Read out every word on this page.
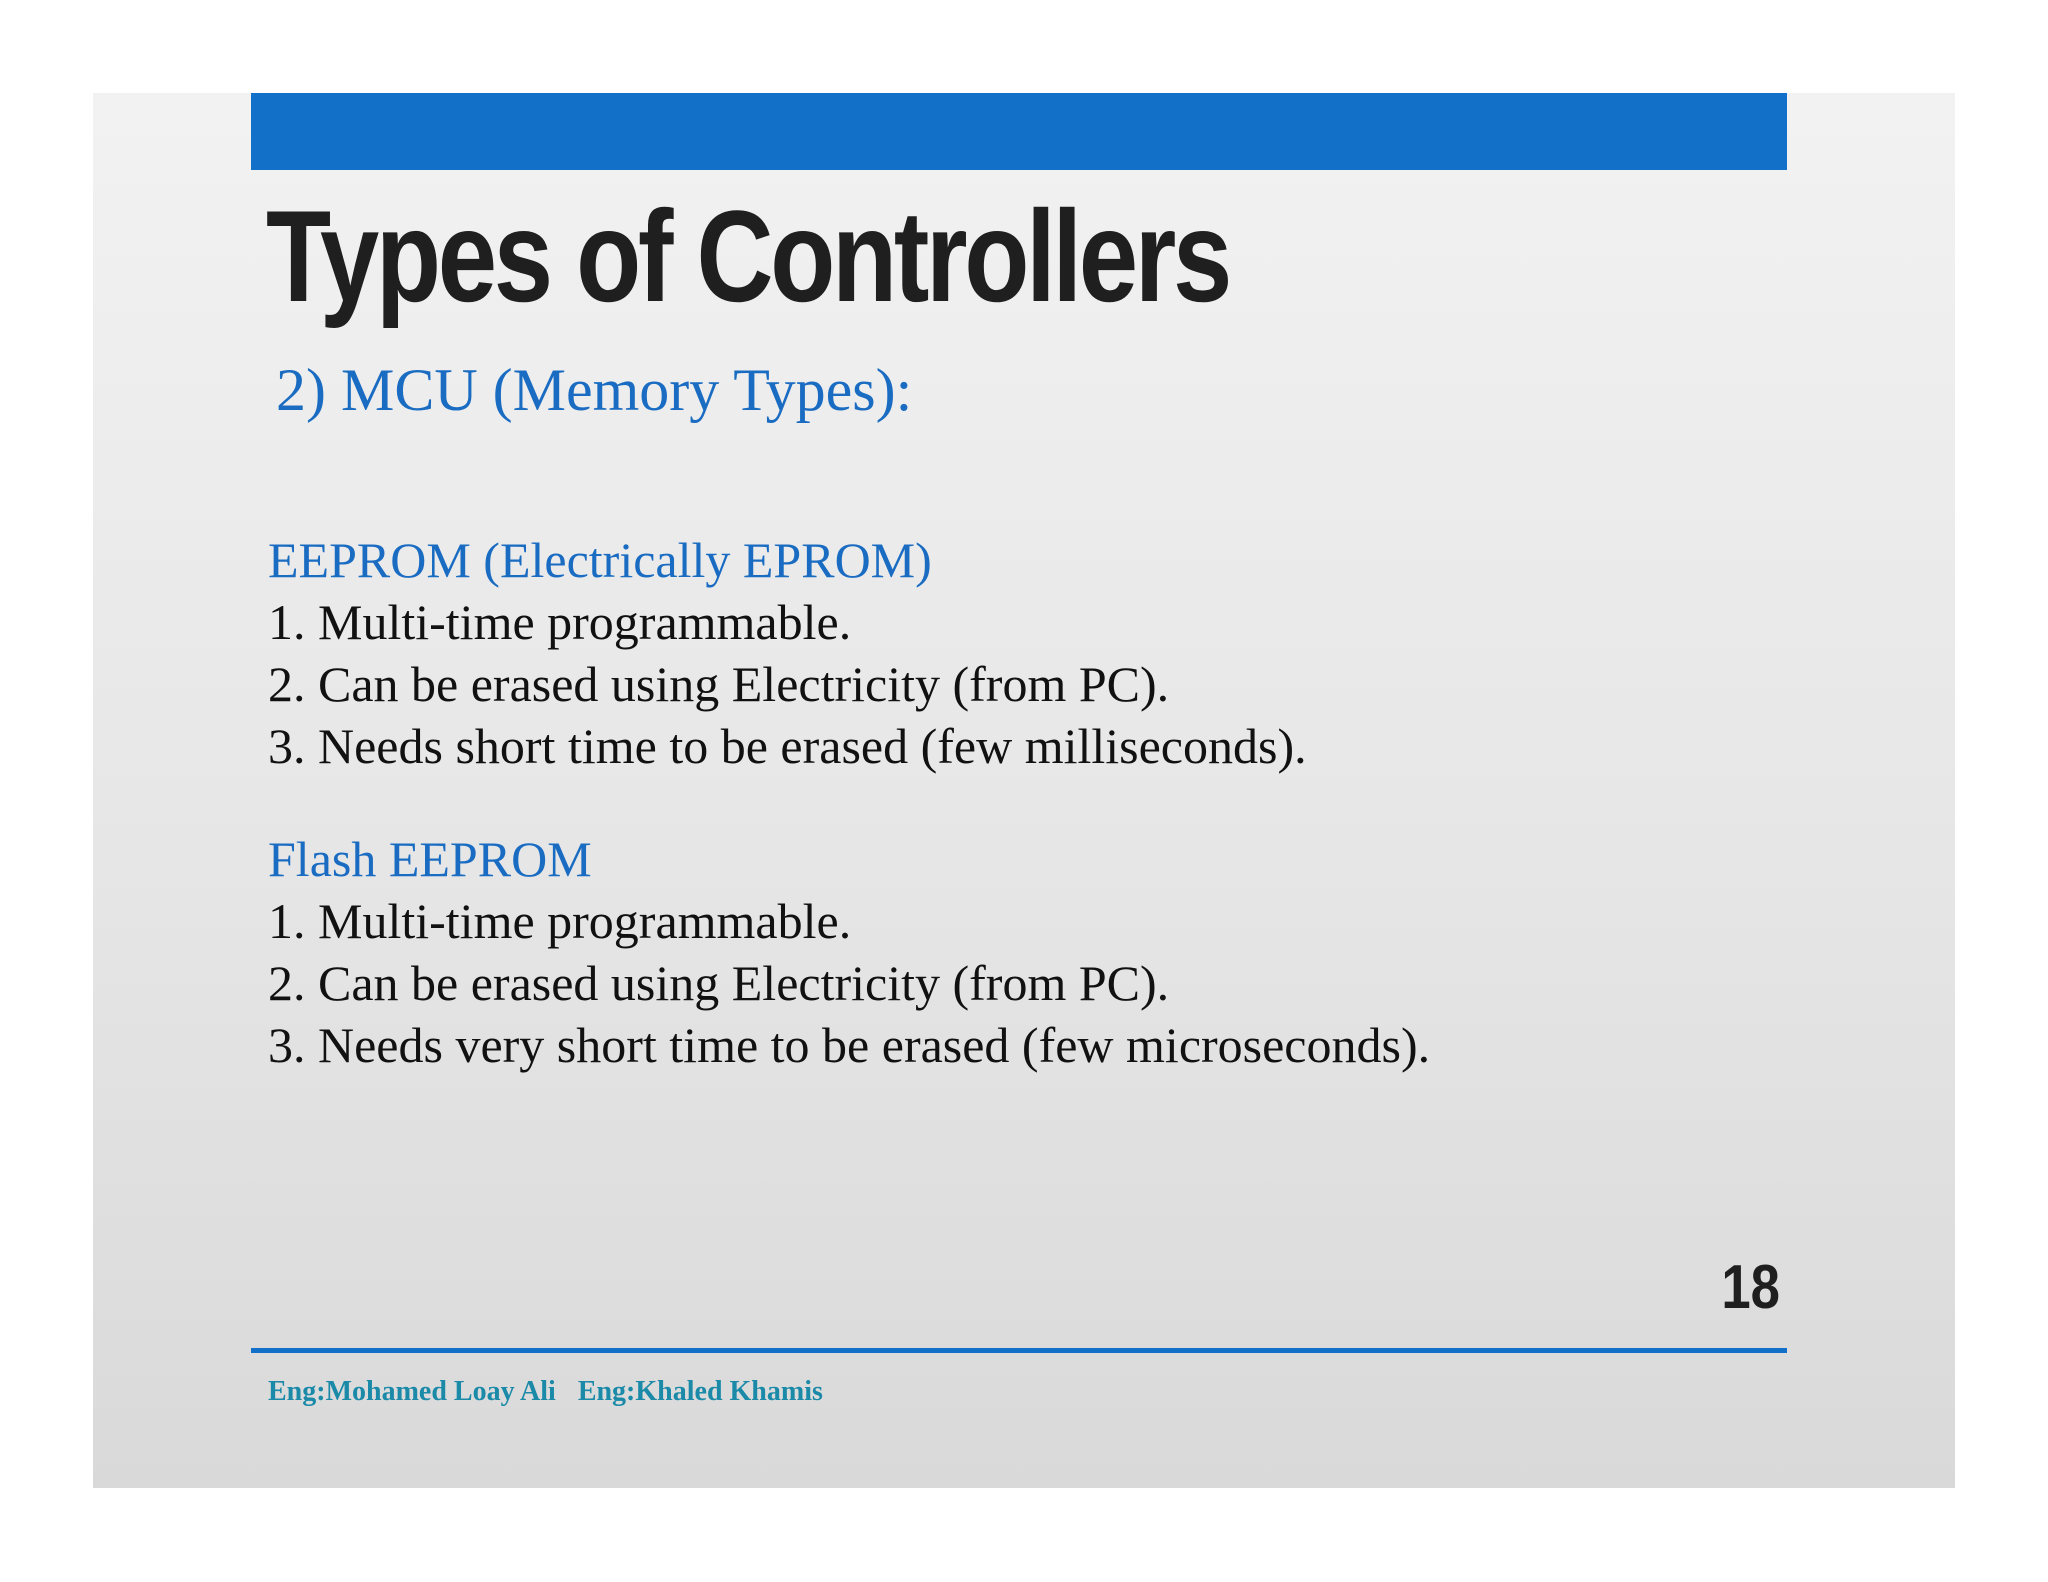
Types of Controllers
2) MCU (Memory Types):
EEPROM (Electrically EPROM)
1. Multi-time programmable.
2. Can be erased using Electricity (from PC).
3. Needs short time to be erased (few milliseconds).
Flash EEPROM
1. Multi-time programmable.
2. Can be erased using Electricity (from PC).
3. Needs very short time to be erased (few microseconds).
18
Eng:Mohamed Loay Ali Eng:Khaled Khamis
